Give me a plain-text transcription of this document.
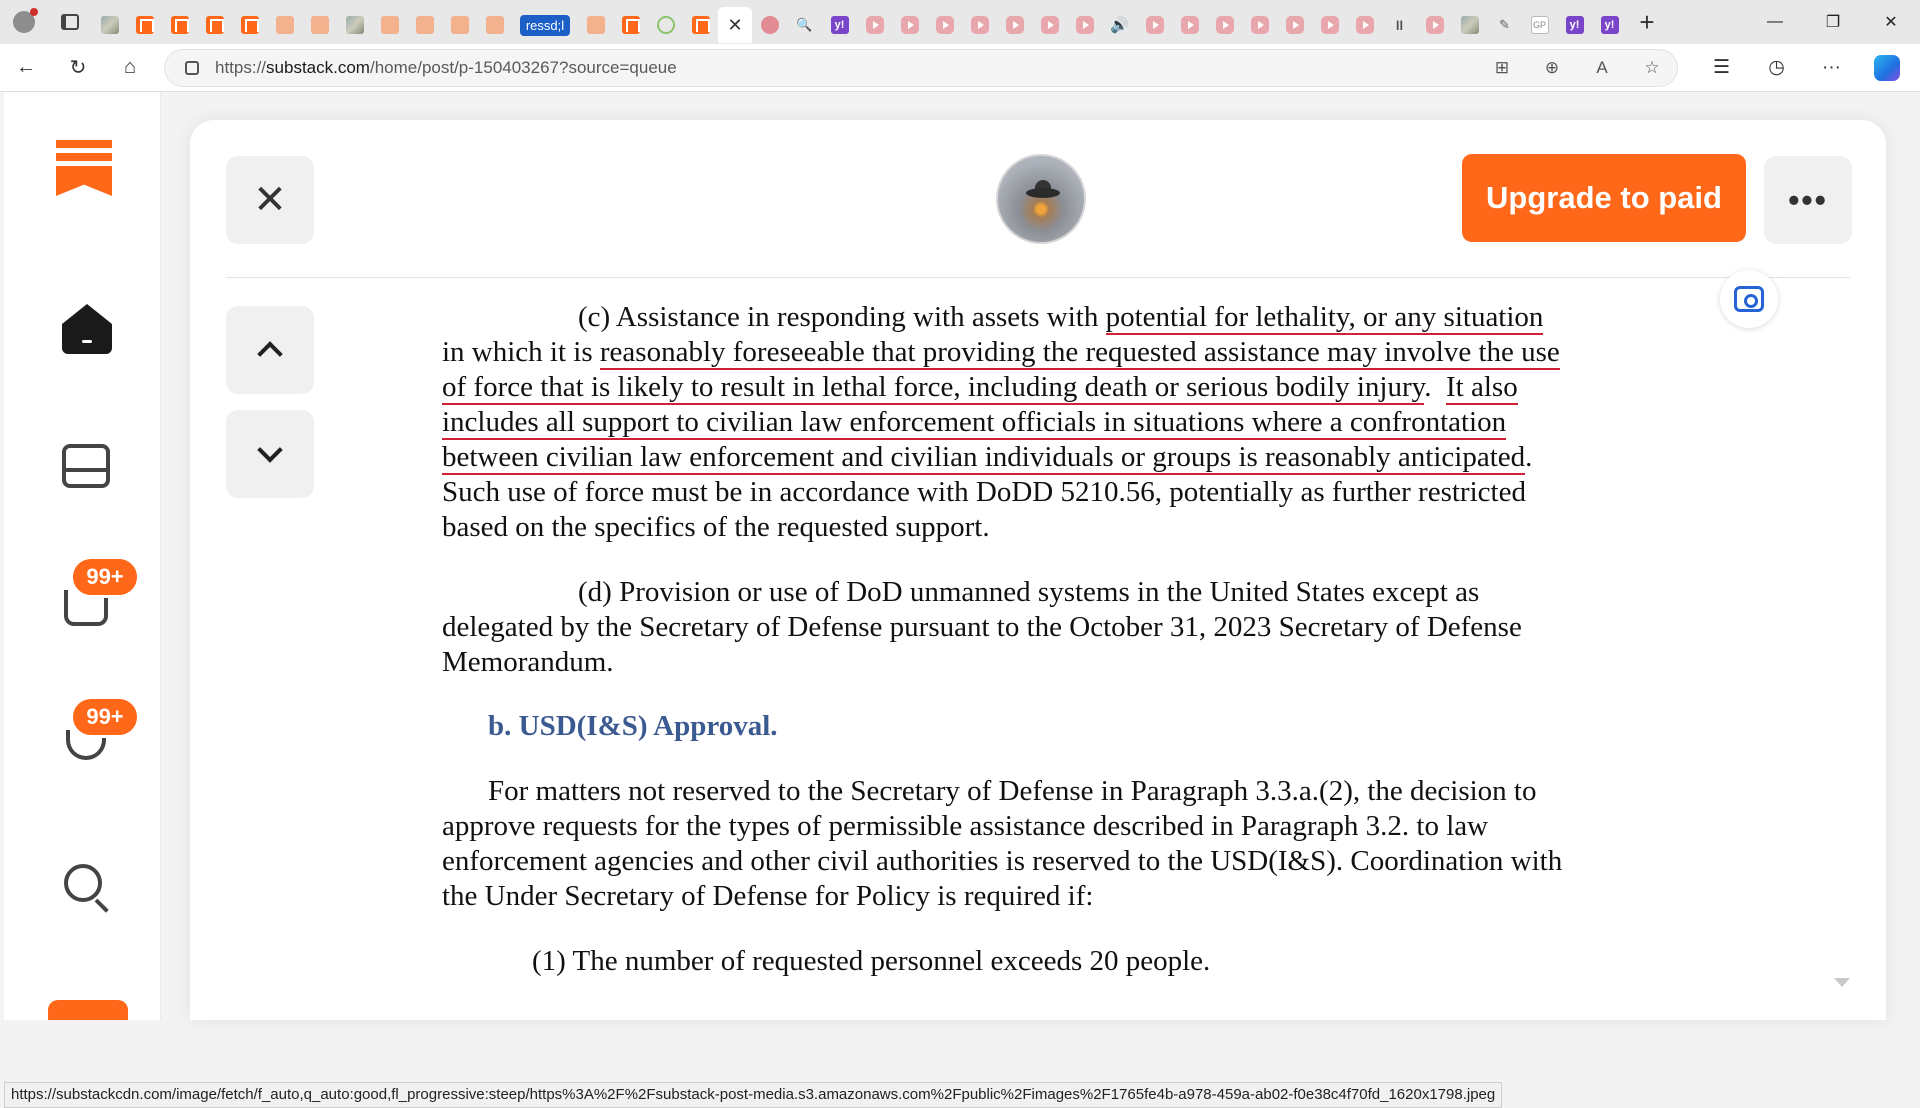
ressd;l	✕	🔍	y!	🔊	ll	✎	GP	y!	y! +	—	❐	✕
←	↻	⌂	https://substack.com/home/post/p-150403267?source=queue	⊞	⊕	A	☆	☰	◷	···
99+
99+
✕	Upgrade to paid	•••
(c) Assistance in responding with assets with potential for lethality, or any situation
in which it is reasonably foreseeable that providing the requested assistance may involve the use
of force that is likely to result in lethal force, including death or serious bodily injury.  It also
includes all support to civilian law enforcement officials in situations where a confrontation
between civilian law enforcement and civilian individuals or groups is reasonably anticipated.
Such use of force must be in accordance with DoDD 5210.56, potentially as further restricted
based on the specifics of the requested support.
(d) Provision or use of DoD unmanned systems in the United States except as
delegated by the Secretary of Defense pursuant to the October 31, 2023 Secretary of Defense
Memorandum.
b. USD(I&S) Approval.
For matters not reserved to the Secretary of Defense in Paragraph 3.3.a.(2), the decision to
approve requests for the types of permissible assistance described in Paragraph 3.2. to law
enforcement agencies and other civil authorities is reserved to the USD(I&S). Coordination with
the Under Secretary of Defense for Policy is required if:
(1) The number of requested personnel exceeds 20 people.
https://substackcdn.com/image/fetch/f_auto,q_auto:good,fl_progressive:steep/https%3A%2F%2Fsubstack-post-media.s3.amazonaws.com%2Fpublic%2Fimages%2F1765fe4b-a978-459a-ab02-f0e38c4f70fd_1620x1798.jpeg
